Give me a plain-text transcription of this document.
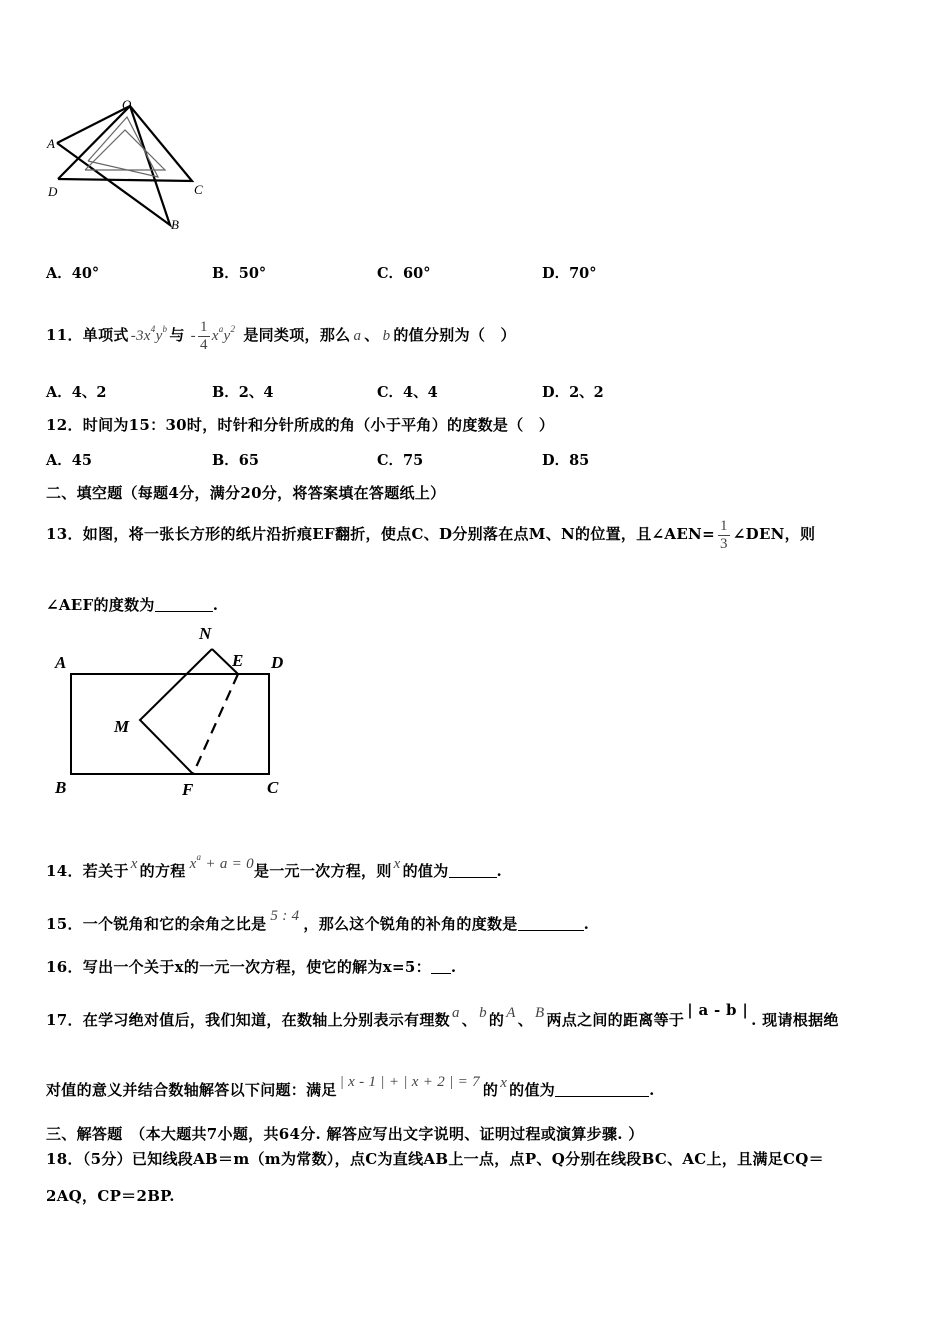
O
A
D	C
B
A．40°	B．50°	C．60°	D．70°
11．单项式 $-3x^4y^b$ 与 - $\frac{1}{4} x^ay^2$ 是同类项，那么 a 、 b 的值分别为（　）
A．4、2	B．2、4	C．4、4	D．2、2
12．时间为15：30时，时针和分针所成的角（小于平角）的度数是（　）
A．45	B．65	C．75	D．85
二、填空题（每题4分，满分20分，将答案填在答题纸上）
13．如图，将一张长方形的纸片沿折痕EF翻折，使点C、D分别落在点M、N的位置，且∠AEN= $\frac{1}{3}$ ∠DEN，则
∠AEF的度数为	.
N
A	E D
M
B	F	C
14．若关于 x 的方程 $x^a + a = 0$是一元一次方程，则 x 的值为	.
15．一个锐角和它的余角之比是 5 : 4 ，那么这个锐角的补角的度数是	.
16．写出一个关于x的一元一次方程，使它的解为x=5： .
17．在学习绝对值后，我们知道，在数轴上分别表示有理数 a 、 b 的 A 、 B 两点之间的距离等于| a - b |. 现请根据绝
对值的意义并结合数轴解答以下问题：满足 | x - 1 | + | x + 2 | = 7 的 x 的值为	.
三、解答题　（本大题共7小题，共64分. 解答应写出文字说明、证明过程或演算步骤. ）
18．（5分）已知线段AB＝m（m为常数），点C为直线AB上一点，点P、Q分别在线段BC、AC上，且满足CQ＝
2AQ，CP＝2BP.
